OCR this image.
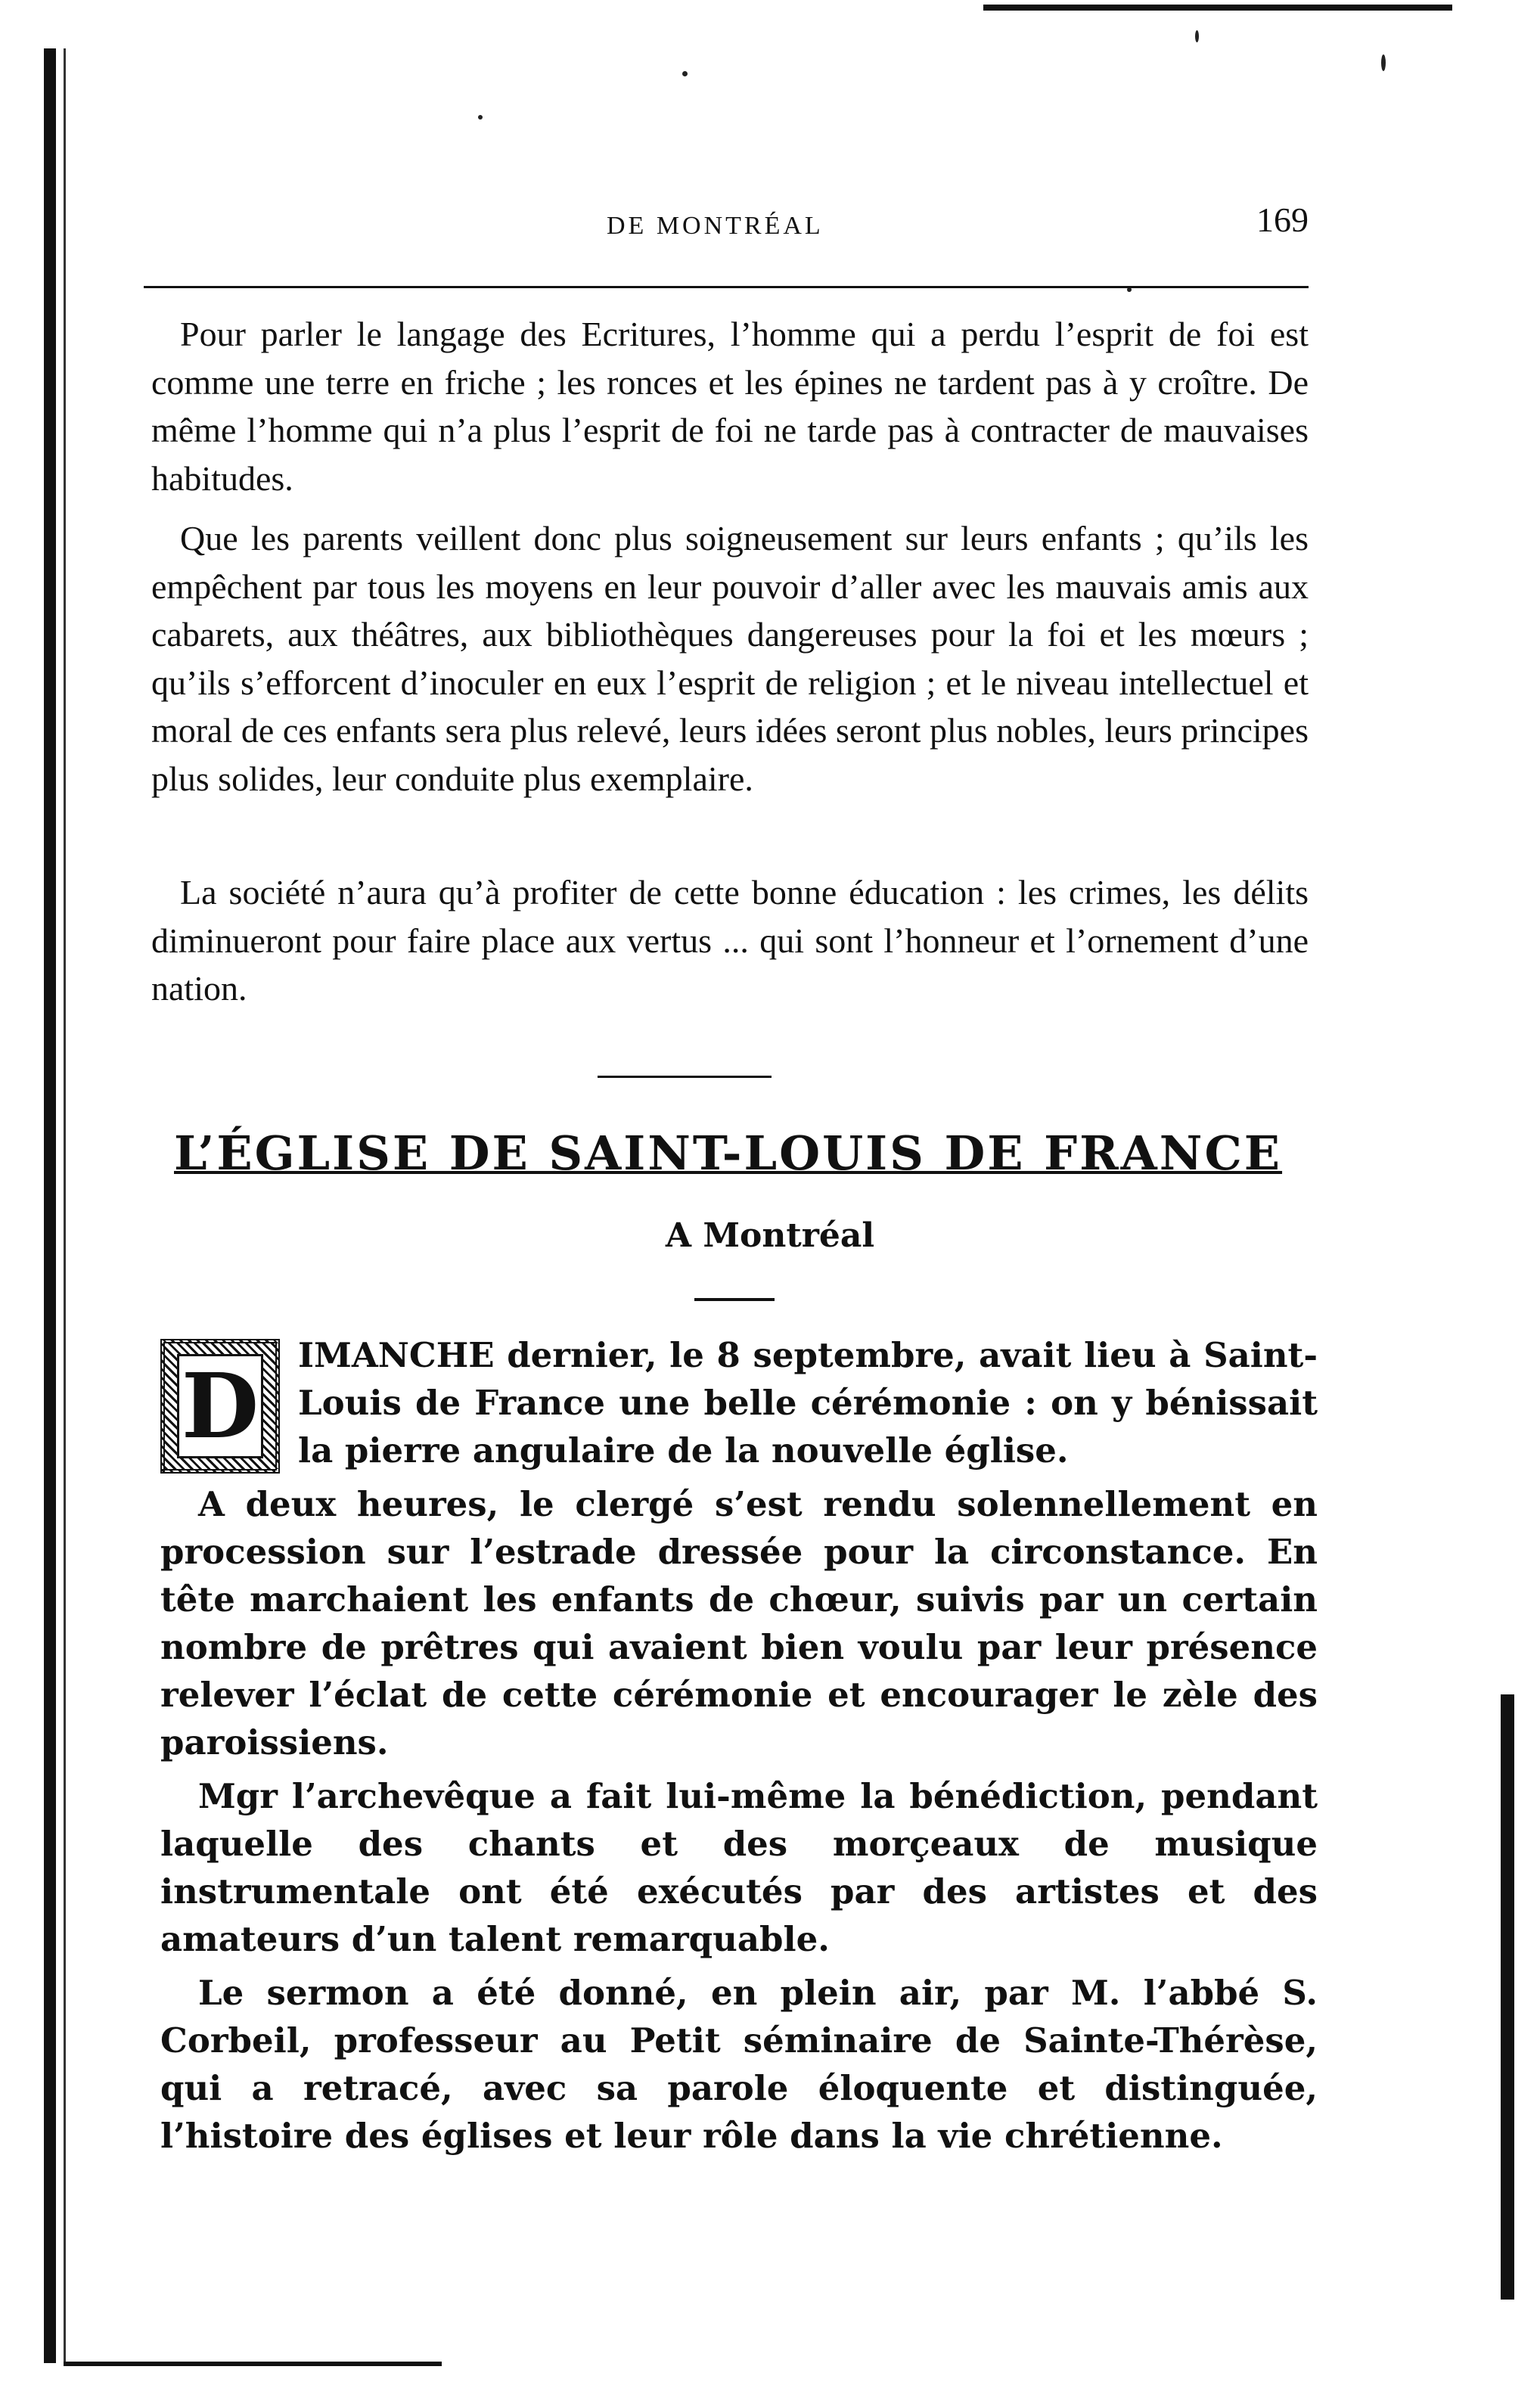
DE MONTRÉAL	169

Pour parler le langage des Ecritures, l’homme qui a perdu l’esprit de foi est comme une terre en friche ; les ronces et les épines ne tardent pas à y croître. De même l’homme qui n’a plus l’esprit de foi ne tarde pas à contracter de mauvaises habitudes.

Que les parents veillent donc plus soigneusement sur leurs enfants ; qu’ils les empêchent par tous les moyens en leur pouvoir d’aller avec les mauvais amis aux cabarets, aux théâtres, aux bibliothèques dangereuses pour la foi et les mœurs ; qu’ils s’efforcent d’inoculer en eux l’esprit de religion ; et le niveau intellectuel et moral de ces enfants sera plus relevé, leurs idées seront plus nobles, leurs principes plus solides, leur conduite plus exemplaire.

La société n’aura qu’à profiter de cette bonne éducation : les crimes, les délits diminueront pour faire place aux vertus ... qui sont l’honneur et l’ornement d’une nation.

L’ÉGLISE DE SAINT-LOUIS DE FRANCE
A Montréal

D IMANCHE dernier, le 8 septembre, avait lieu à Saint-Louis de France une belle cérémonie : on y bénissait la pierre angulaire de la nouvelle église.

A deux heures, le clergé s’est rendu solennellement en procession sur l’estrade dressée pour la circonstance. En tête marchaient les enfants de chœur, suivis par un certain nombre de prêtres qui avaient bien voulu par leur présence relever l’éclat de cette cérémonie et encourager le zèle des paroissiens.

Mgr l’archevêque a fait lui-même la bénédiction, pendant laquelle des chants et des morçeaux de musique instrumentale ont été exécutés par des artistes et des amateurs d’un talent remarquable.

Le sermon a été donné, en plein air, par M. l’abbé S. Corbeil, professeur au Petit séminaire de Sainte-Thérèse, qui a retracé, avec sa parole éloquente et distinguée, l’histoire des églises et leur rôle dans la vie chrétienne.
